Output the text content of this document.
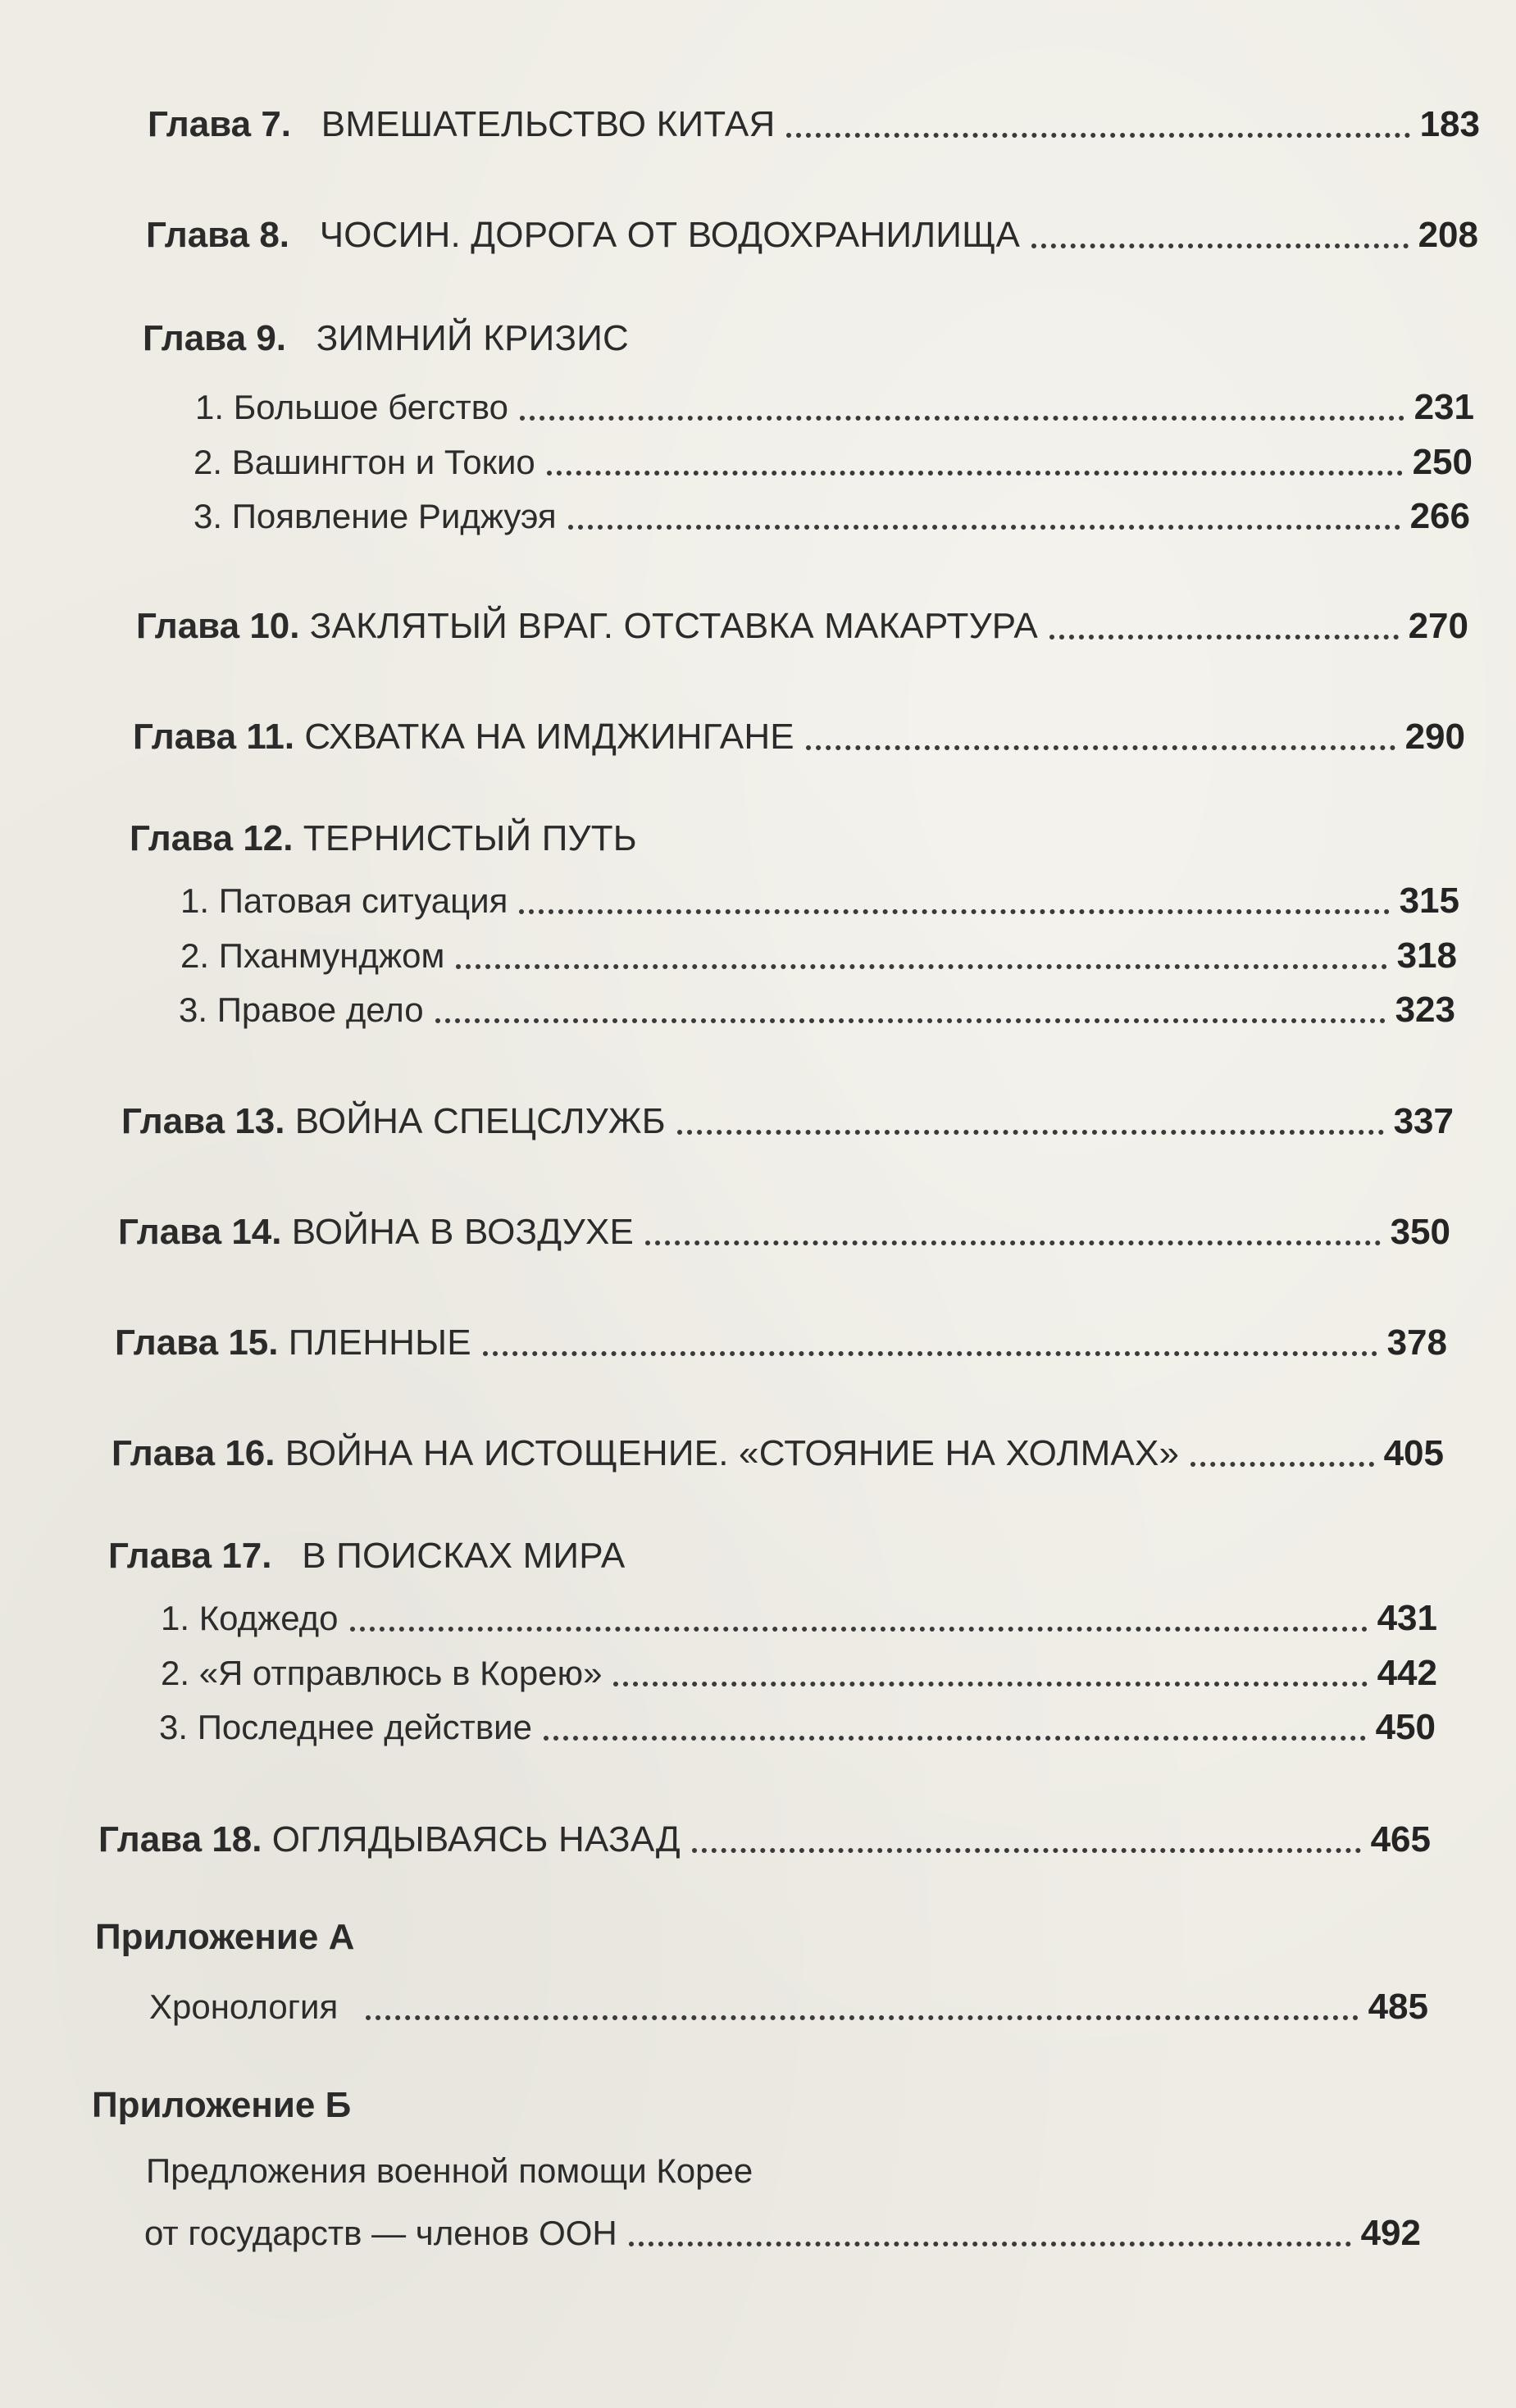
Глава 7. ВМЕШАТЕЛЬСТВО КИТАЯ	183
Глава 8. ЧОСИН. ДОРОГА ОТ ВОДОХРАНИЛИЩА	208
Глава 9. ЗИМНИЙ КРИЗИС
1. Большое бегство	231
2. Вашингтон и Токио	250
3. Появление Риджуэя	266
Глава 10. ЗАКЛЯТЫЙ ВРАГ. ОТСТАВКА МАКАРТУРА	270
Глава 11. СХВАТКА НА ИМДЖИНГАНЕ	290
Глава 12. ТЕРНИСТЫЙ ПУТЬ
1. Патовая ситуация	315
2. Пханмунджом	318
3. Правое дело	323
Глава 13. ВОЙНА СПЕЦСЛУЖБ	337
Глава 14. ВОЙНА В ВОЗДУХЕ	350
Глава 15. ПЛЕННЫЕ	378
Глава 16. ВОЙНА НА ИСТОЩЕНИЕ. «СТОЯНИЕ НА ХОЛМАХ»	405
Глава 17. В ПОИСКАХ МИРА
1. Коджедо	431
2. «Я отправлюсь в Корею»	442
3. Последнее действие	450
Глава 18. ОГЛЯДЫВАЯСЬ НАЗАД	465
Приложение А
Хронология	485
Приложение Б
Предложения военной помощи Корее
от государств — членов ООН	492
